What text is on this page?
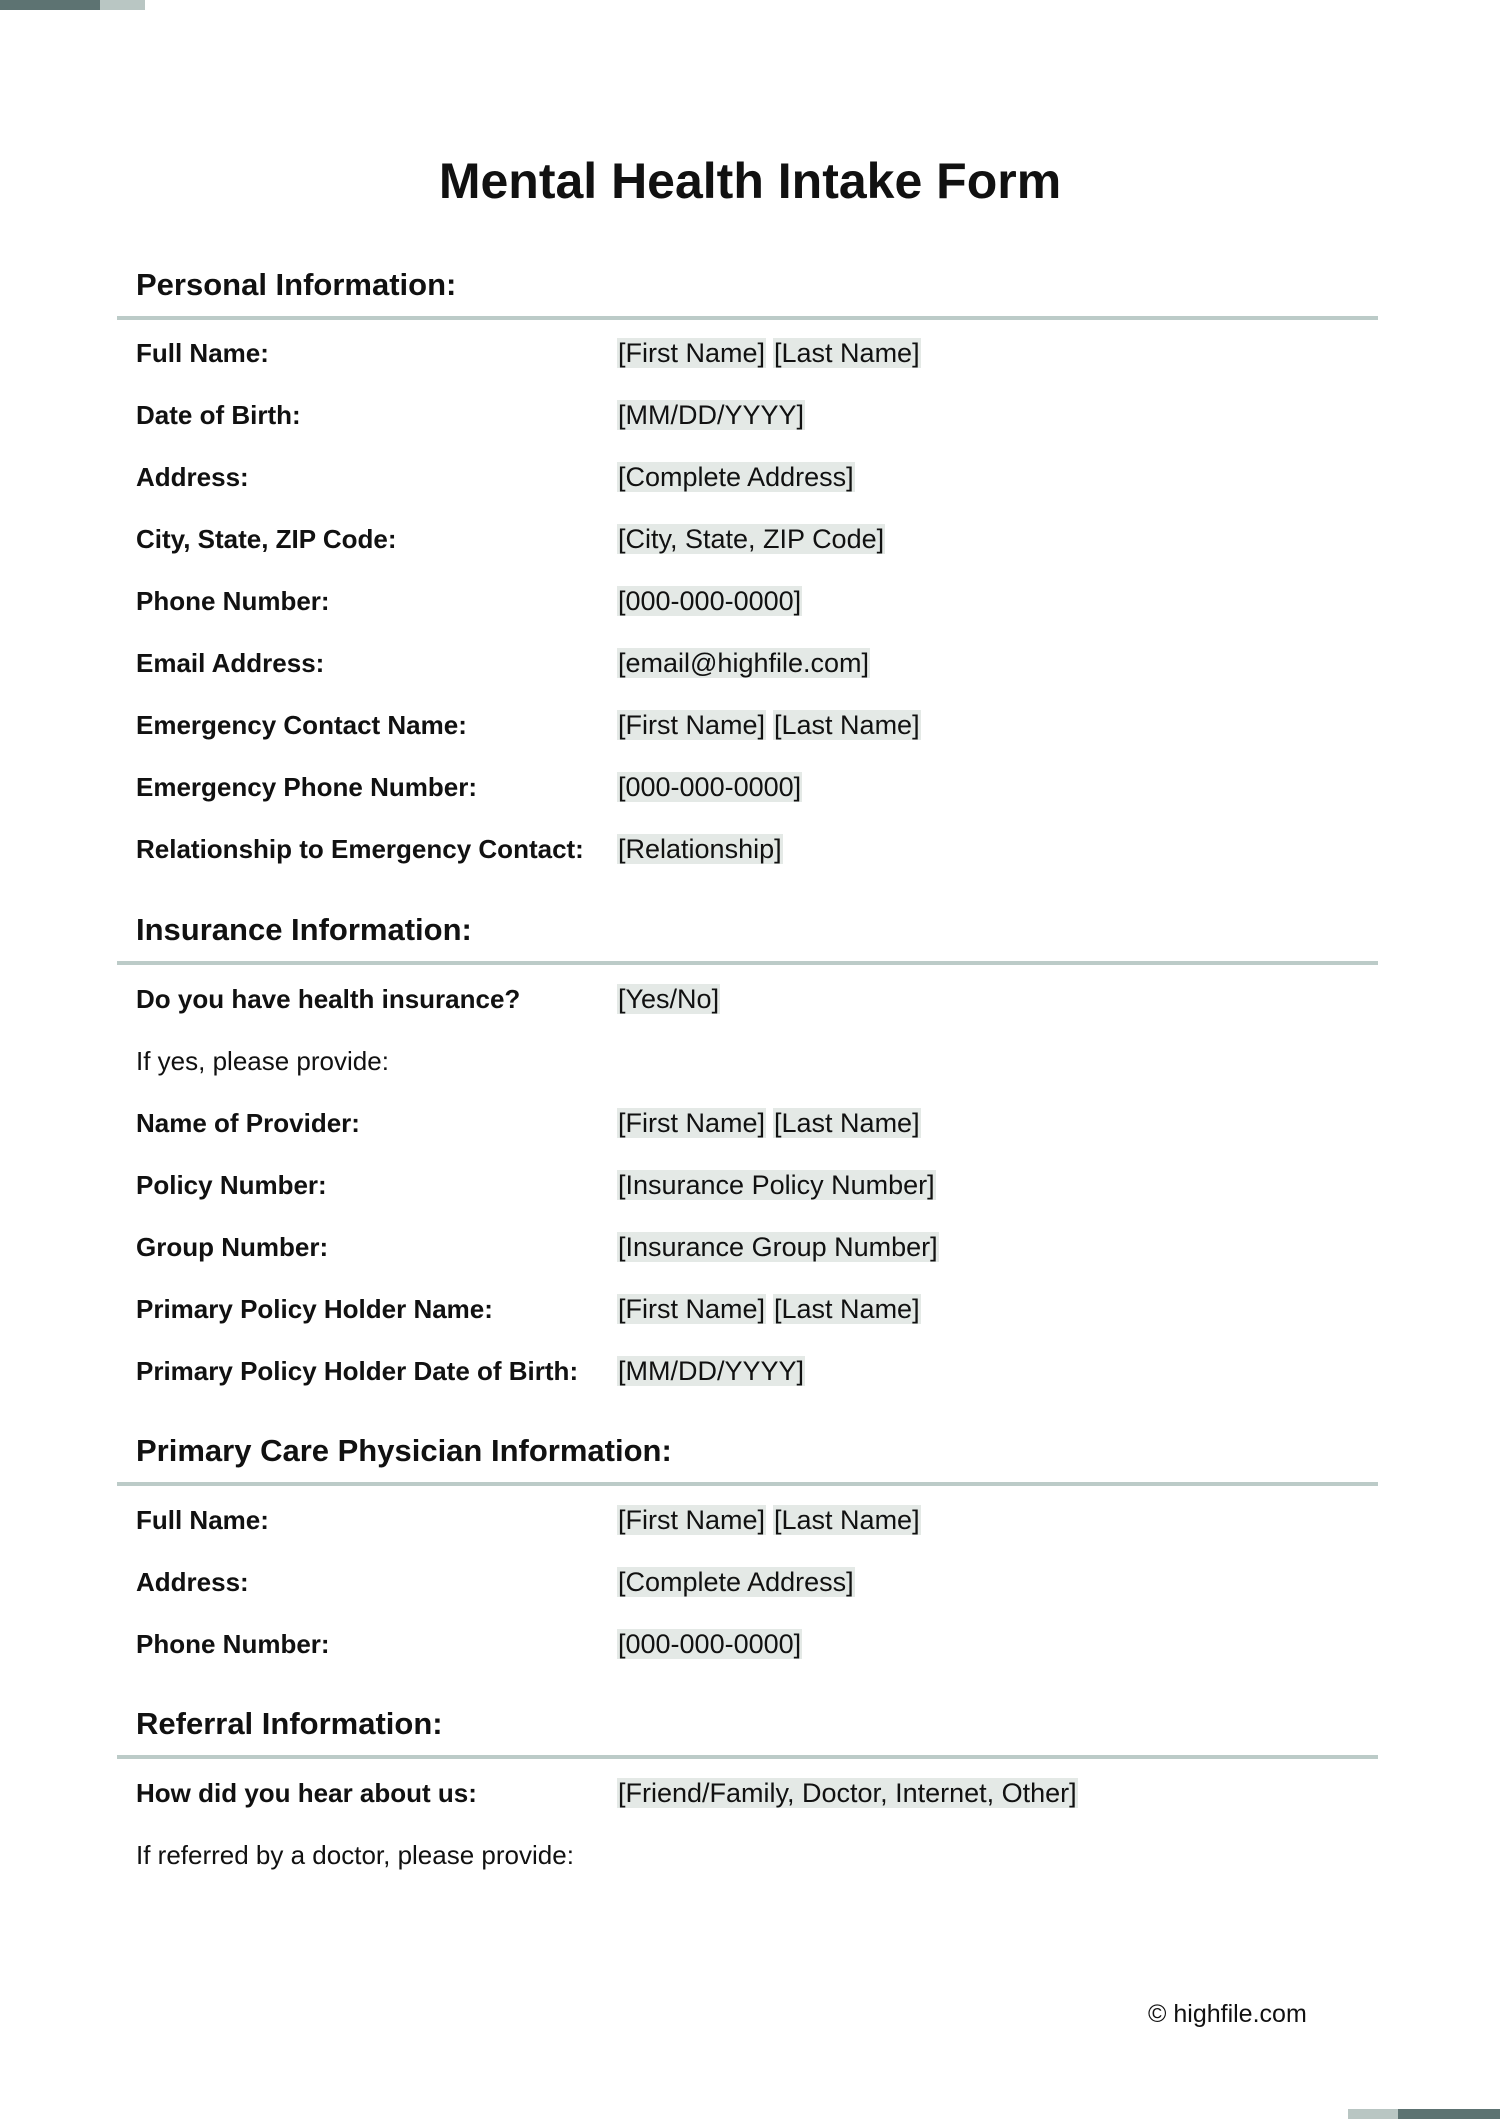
Mental Health Intake Form
Personal Information:
Full Name:	[First Name] [Last Name]
Date of Birth:	[MM/DD/YYYY]
Address:	[Complete Address]
City, State, ZIP Code:	[City, State, ZIP Code]
Phone Number:	[000-000-0000]
Email Address:	[email@highfile.com]
Emergency Contact Name:	[First Name] [Last Name]
Emergency Phone Number:	[000-000-0000]
Relationship to Emergency Contact: [Relationship]
Insurance Information:
Do you have health insurance?	[Yes/No]
If yes, please provide:
Name of Provider:	[First Name] [Last Name]
Policy Number:	[Insurance Policy Number]
Group Number:	[Insurance Group Number]
Primary Policy Holder Name:	[First Name] [Last Name]
Primary Policy Holder Date of Birth: [MM/DD/YYYY]
Primary Care Physician Information:
Full Name:	[First Name] [Last Name]
Address:	[Complete Address]
Phone Number:	[000-000-0000]
Referral Information:
How did you hear about us:	[Friend/Family, Doctor, Internet, Other]
If referred by a doctor, please provide:
© highfile.com
